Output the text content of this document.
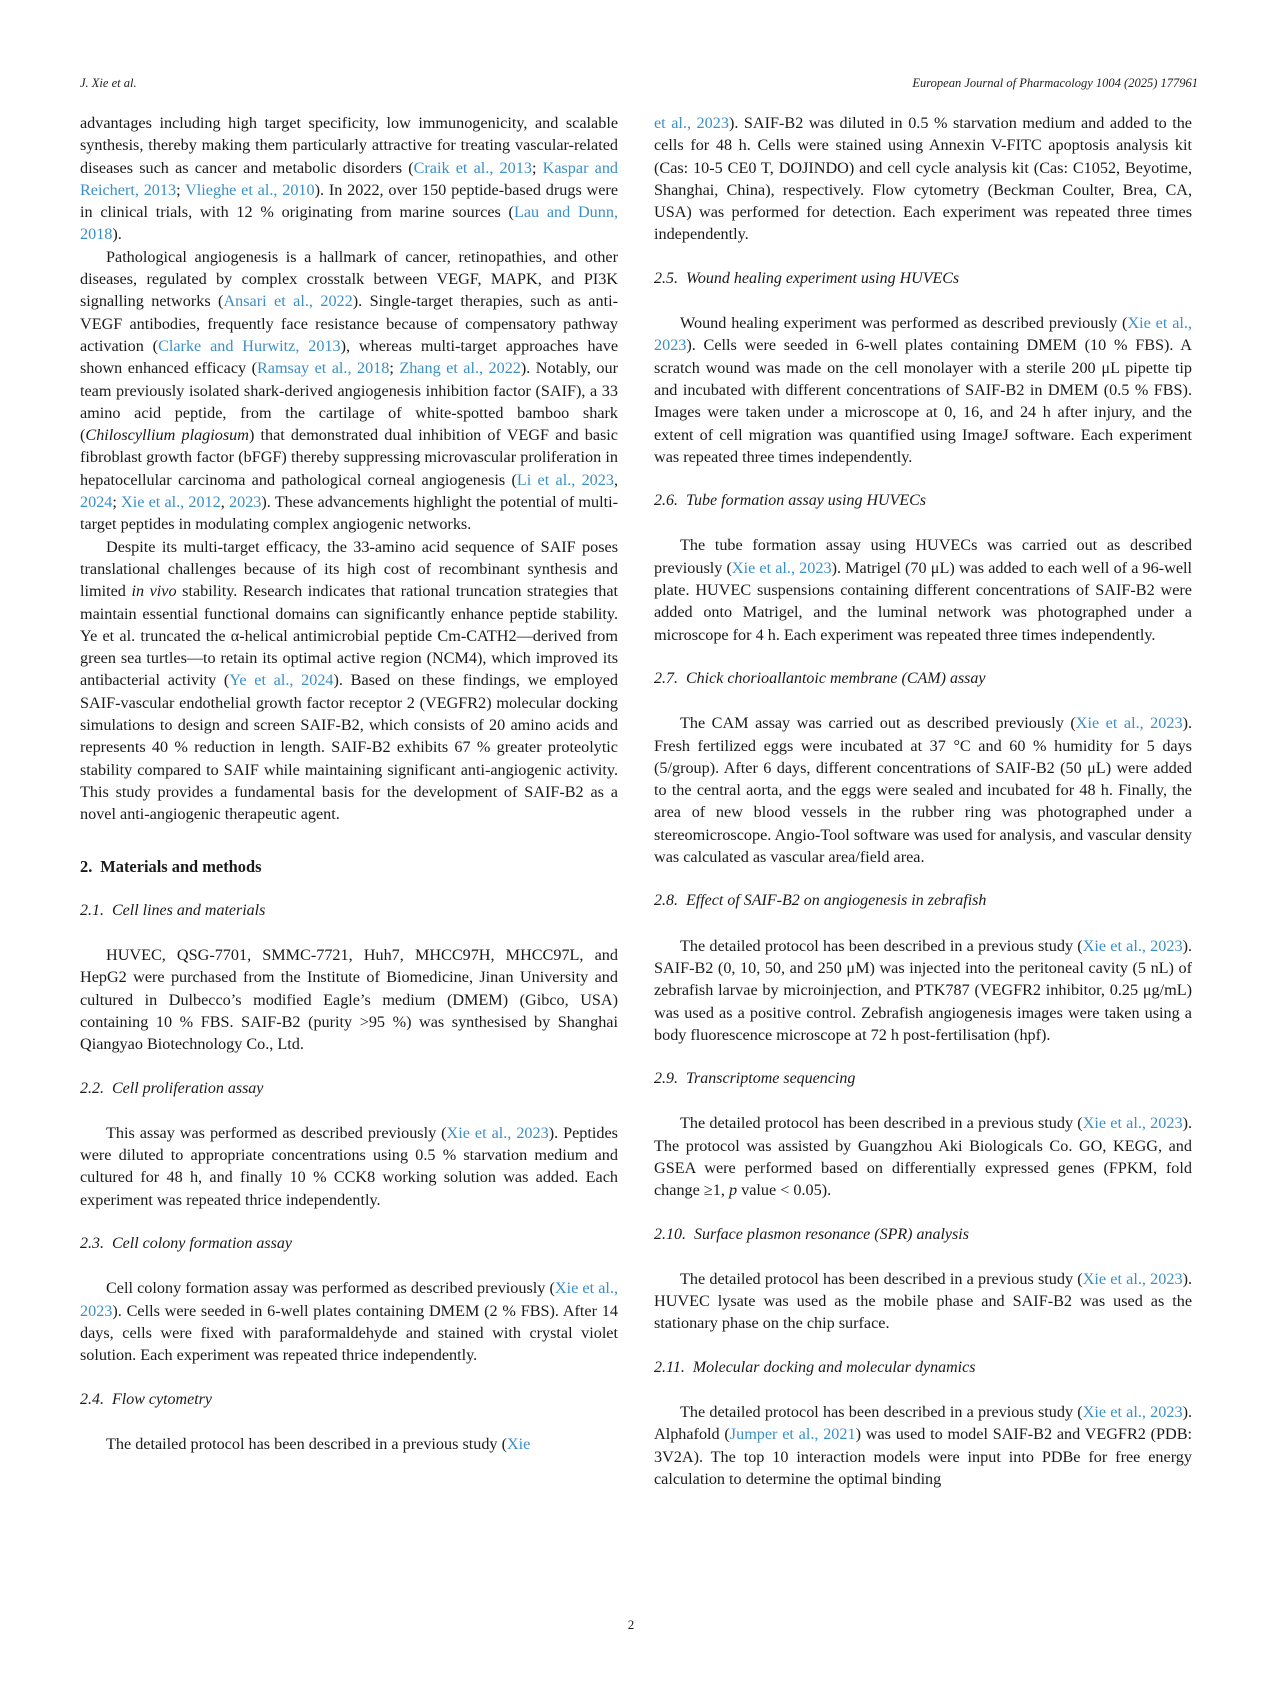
J. Xie et al.	European Journal of Pharmacology 1004 (2025) 177961

advantages including high target specificity, low immunogenicity, and scalable synthesis, thereby making them particularly attractive for treating vascular-related diseases such as cancer and metabolic disorders (Craik et al., 2013; Kaspar and Reichert, 2013; Vlieghe et al., 2010). In 2022, over 150 peptide-based drugs were in clinical trials, with 12 % originating from marine sources (Lau and Dunn, 2018).

Pathological angiogenesis is a hallmark of cancer, retinopathies, and other diseases, regulated by complex crosstalk between VEGF, MAPK, and PI3K signalling networks (Ansari et al., 2022). Single-target therapies, such as anti-VEGF antibodies, frequently face resistance because of compensatory pathway activation (Clarke and Hurwitz, 2013), whereas multi-target approaches have shown enhanced efficacy (Ramsay et al., 2018; Zhang et al., 2022). Notably, our team previously isolated shark-derived angiogenesis inhibition factor (SAIF), a 33 amino acid peptide, from the cartilage of white-spotted bamboo shark (Chiloscyllium plagiosum) that demonstrated dual inhibition of VEGF and basic fibroblast growth factor (bFGF) thereby suppressing microvascular proliferation in hepatocellular carcinoma and pathological corneal angiogenesis (Li et al., 2023, 2024; Xie et al., 2012, 2023). These advancements highlight the potential of multi-target peptides in modulating complex angiogenic networks.

Despite its multi-target efficacy, the 33-amino acid sequence of SAIF poses translational challenges because of its high cost of recombinant synthesis and limited in vivo stability. Research indicates that rational truncation strategies that maintain essential functional domains can significantly enhance peptide stability. Ye et al. truncated the α-helical antimicrobial peptide Cm-CATH2—derived from green sea turtles—to retain its optimal active region (NCM4), which improved its antibacterial activity (Ye et al., 2024). Based on these findings, we employed SAIF-vascular endothelial growth factor receptor 2 (VEGFR2) molecular docking simulations to design and screen SAIF-B2, which consists of 20 amino acids and represents 40 % reduction in length. SAIF-B2 exhibits 67 % greater proteolytic stability compared to SAIF while maintaining significant anti-angiogenic activity. This study provides a fundamental basis for the development of SAIF-B2 as a novel anti-angiogenic therapeutic agent.

2. Materials and methods
2.1. Cell lines and materials

HUVEC, QSG-7701, SMMC-7721, Huh7, MHCC97H, MHCC97L, and HepG2 were purchased from the Institute of Biomedicine, Jinan University and cultured in Dulbecco’s modified Eagle’s medium (DMEM) (Gibco, USA) containing 10 % FBS. SAIF-B2 (purity >95 %) was synthesised by Shanghai Qiangyao Biotechnology Co., Ltd.

2.2. Cell proliferation assay

This assay was performed as described previously (Xie et al., 2023). Peptides were diluted to appropriate concentrations using 0.5 % starvation medium and cultured for 48 h, and finally 10 % CCK8 working solution was added. Each experiment was repeated thrice independently.

2.3. Cell colony formation assay

Cell colony formation assay was performed as described previously (Xie et al., 2023). Cells were seeded in 6-well plates containing DMEM (2 % FBS). After 14 days, cells were fixed with paraformaldehyde and stained with crystal violet solution. Each experiment was repeated thrice independently.

2.4. Flow cytometry

The detailed protocol has been described in a previous study (Xie

et al., 2023). SAIF-B2 was diluted in 0.5 % starvation medium and added to the cells for 48 h. Cells were stained using Annexin V-FITC apoptosis analysis kit (Cas: 10-5 CE0 T, DOJINDO) and cell cycle analysis kit (Cas: C1052, Beyotime, Shanghai, China), respectively. Flow cytometry (Beckman Coulter, Brea, CA, USA) was performed for detection. Each experiment was repeated three times independently.

2.5. Wound healing experiment using HUVECs

Wound healing experiment was performed as described previously (Xie et al., 2023). Cells were seeded in 6-well plates containing DMEM (10 % FBS). A scratch wound was made on the cell monolayer with a sterile 200 μL pipette tip and incubated with different concentrations of SAIF-B2 in DMEM (0.5 % FBS). Images were taken under a microscope at 0, 16, and 24 h after injury, and the extent of cell migration was quantified using ImageJ software. Each experiment was repeated three times independently.

2.6. Tube formation assay using HUVECs

The tube formation assay using HUVECs was carried out as described previously (Xie et al., 2023). Matrigel (70 μL) was added to each well of a 96-well plate. HUVEC suspensions containing different concentrations of SAIF-B2 were added onto Matrigel, and the luminal network was photographed under a microscope for 4 h. Each experiment was repeated three times independently.

2.7. Chick chorioallantoic membrane (CAM) assay

The CAM assay was carried out as described previously (Xie et al., 2023). Fresh fertilized eggs were incubated at 37 °C and 60 % humidity for 5 days (5/group). After 6 days, different concentrations of SAIF-B2 (50 μL) were added to the central aorta, and the eggs were sealed and incubated for 48 h. Finally, the area of new blood vessels in the rubber ring was photographed under a stereomicroscope. Angio-Tool software was used for analysis, and vascular density was calculated as vascular area/field area.

2.8. Effect of SAIF-B2 on angiogenesis in zebrafish

The detailed protocol has been described in a previous study (Xie et al., 2023). SAIF-B2 (0, 10, 50, and 250 μM) was injected into the peritoneal cavity (5 nL) of zebrafish larvae by microinjection, and PTK787 (VEGFR2 inhibitor, 0.25 μg/mL) was used as a positive control. Zebrafish angiogenesis images were taken using a body fluorescence microscope at 72 h post-fertilisation (hpf).

2.9. Transcriptome sequencing

The detailed protocol has been described in a previous study (Xie et al., 2023). The protocol was assisted by Guangzhou Aki Biologicals Co. GO, KEGG, and GSEA were performed based on differentially expressed genes (FPKM, fold change ≥1, p value < 0.05).

2.10. Surface plasmon resonance (SPR) analysis

The detailed protocol has been described in a previous study (Xie et al., 2023). HUVEC lysate was used as the mobile phase and SAIF-B2 was used as the stationary phase on the chip surface.

2.11. Molecular docking and molecular dynamics

The detailed protocol has been described in a previous study (Xie et al., 2023). Alphafold (Jumper et al., 2021) was used to model SAIF-B2 and VEGFR2 (PDB: 3V2A). The top 10 interaction models were input into PDBe for free energy calculation to determine the optimal binding

2
